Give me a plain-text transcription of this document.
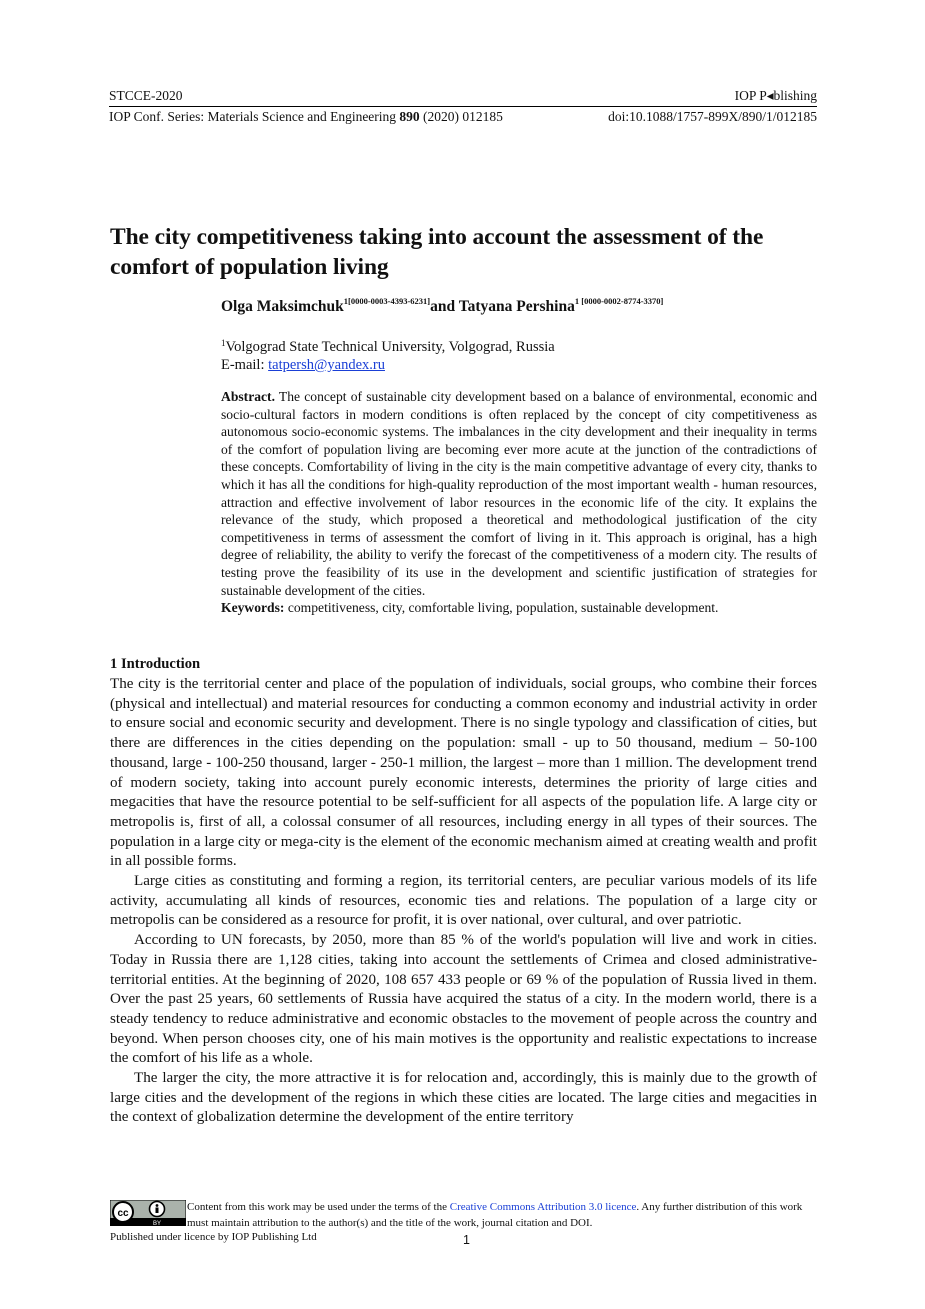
STCCE-2020	IOP P◂blishing
IOP Conf. Series: Materials Science and Engineering 890 (2020) 012185	doi:10.1088/1757-899X/890/1/012185
The city competitiveness taking into account the assessment of the comfort of population living
Olga Maksimchuk$^{1[0000-0003-4393-6231]}$and Tatyana Pershina$^{1 [0000-0002-8774-3370]}$
$^1$Volgograd State Technical University, Volgograd, Russia
E-mail: tatpersh@yandex.ru
Abstract. The concept of sustainable city development based on a balance of environmental, economic and socio-cultural factors in modern conditions is often replaced by the concept of city competitiveness as autonomous socio-economic systems. The imbalances in the city development and their inequality in terms of the comfort of population living are becoming ever more acute at the junction of the contradictions of these concepts. Comfortability of living in the city is the main competitive advantage of every city, thanks to which it has all the conditions for high-quality reproduction of the most important wealth - human resources, attraction and effective involvement of labor resources in the economic life of the city. It explains the relevance of the study, which proposed a theoretical and methodological justification of the city competitiveness in terms of assessment the comfort of living in it. This approach is original, has a high degree of reliability, the ability to verify the forecast of the competitiveness of a modern city. The results of testing prove the feasibility of its use in the development and scientific justification of strategies for sustainable development of the cities.
Keywords: competitiveness, city, comfortable living, population, sustainable development.
1 Introduction

The city is the territorial center and place of the population of individuals, social groups, who combine their forces (physical and intellectual) and material resources for conducting a common economy and industrial activity in order to ensure social and economic security and development. There is no single typology and classification of cities, but there are differences in the cities depending on the population: small - up to 50 thousand, medium – 50-100 thousand, large - 100-250 thousand, larger - 250-1 million, the largest – more than 1 million. The development trend of modern society, taking into account purely economic interests, determines the priority of large cities and megacities that have the resource potential to be self-sufficient for all aspects of the population life. A large city or metropolis is, first of all, a colossal consumer of all resources, including energy in all types of their sources. The population in a large city or mega-city is the element of the economic mechanism aimed at creating wealth and profit in all possible forms.

Large cities as constituting and forming a region, its territorial centers, are peculiar various models of its life activity, accumulating all kinds of resources, economic ties and relations. The population of a large city or metropolis can be considered as a resource for profit, it is over national, over cultural, and over patriotic.

According to UN forecasts, by 2050, more than 85 % of the world's population will live and work in cities. Today in Russia there are 1,128 cities, taking into account the settlements of Crimea and closed administrative-territorial entities. At the beginning of 2020, 108 657 433 people or 69 % of the population of Russia lived in them. Over the past 25 years, 60 settlements of Russia have acquired the status of a city. In the modern world, there is a steady tendency to reduce administrative and economic obstacles to the movement of people across the country and beyond. When person chooses city, one of his main motives is the opportunity and realistic expectations to increase the comfort of his life as a whole.

The larger the city, the more attractive it is for relocation and, accordingly, this is mainly due to the growth of large cities and the development of the regions in which these cities are located. The large cities and megacities in the context of globalization determine the development of the entire territory

cc
BY
Content from this work may be used under the terms of the Creative Commons Attribution 3.0 licence. Any further distribution of this work must maintain attribution to the author(s) and the title of the work, journal citation and DOI.
Published under licence by IOP Publishing Ltd	1
